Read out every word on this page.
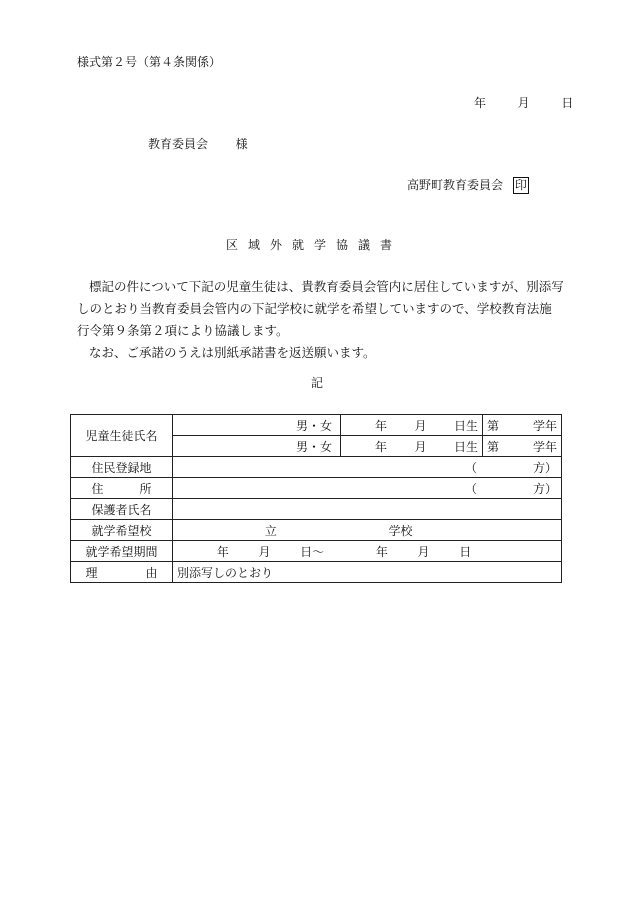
様式第２号（第４条関係）
年	月	日
教育委員会 様
高野町教育委員会 印
区域外就学協議書

標記の件について下記の児童生徒は、貴教育委員会管内に居住していますが、別添写しのとおり当教育委員会管内の下記学校に就学を希望していますので、学校教育法施行令第９条第２項により協議します。

なお、ご承諾のうえは別紙承諾書を返送願います。

記
児童生徒氏名	男・女	年 月 日生	第 学年

	男・女	年 月 日生	第 学年

住民登録地	（ 方）		

住　　　所	（ 方）		

保護者氏名			
就学希望校	立 学校		
就学希望期間	年 月 日～ 年 月 日		
理　　　　由	別添写しのとおり		
